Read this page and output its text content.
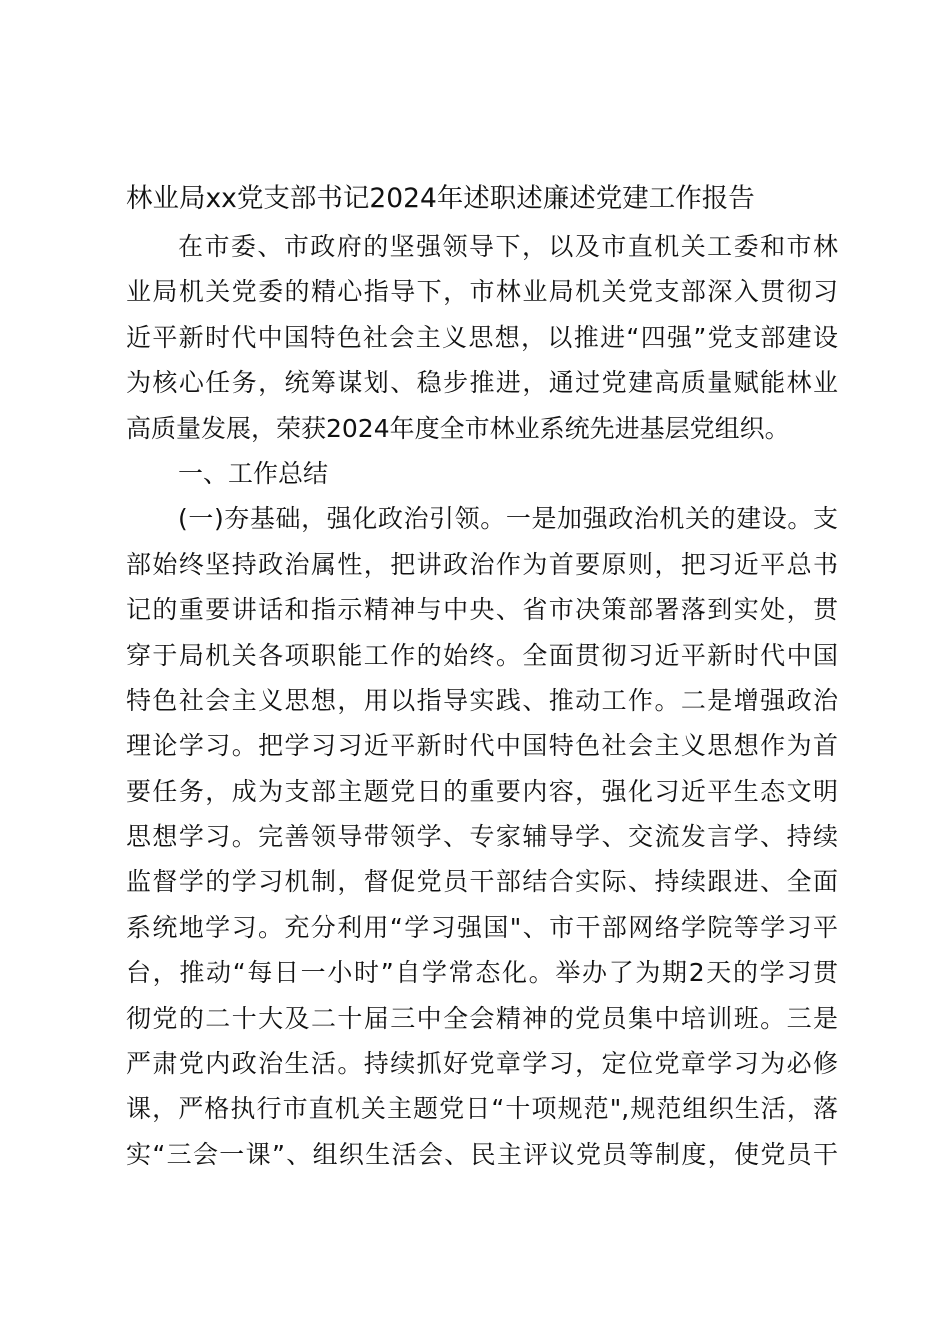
林业局xx党支部书记2024年述职述廉述党建工作报告
在市委、市政府的坚强领导下，以及市直机关工委和市林
业局机关党委的精心指导下，市林业局机关党支部深入贯彻习
近平新时代中国特色社会主义思想，以推进“四强”党支部建设
为核心任务，统筹谋划、稳步推进，通过党建高质量赋能林业
高质量发展，荣获2024年度全市林业系统先进基层党组织。
一、工作总结
(一)夯基础，强化政治引领。一是加强政治机关的建设。支
部始终坚持政治属性，把讲政治作为首要原则，把习近平总书
记的重要讲话和指示精神与中央、省市决策部署落到实处，贯
穿于局机关各项职能工作的始终。全面贯彻习近平新时代中国
特色社会主义思想，用以指导实践、推动工作。二是增强政治
理论学习。把学习习近平新时代中国特色社会主义思想作为首
要任务，成为支部主题党日的重要内容，强化习近平生态文明
思想学习。完善领导带领学、专家辅导学、交流发言学、持续
监督学的学习机制，督促党员干部结合实际、持续跟进、全面
系统地学习。充分利用“学习强国"、市干部网络学院等学习平
台，推动“每日一小时”自学常态化。举办了为期2天的学习贯
彻党的二十大及二十届三中全会精神的党员集中培训班。三是
严肃党内政治生活。持续抓好党章学习，定位党章学习为必修
课，严格执行市直机关主题党日“十项规范",规范组织生活，落
实“三会一课”、组织生活会、民主评议党员等制度，使党员干
